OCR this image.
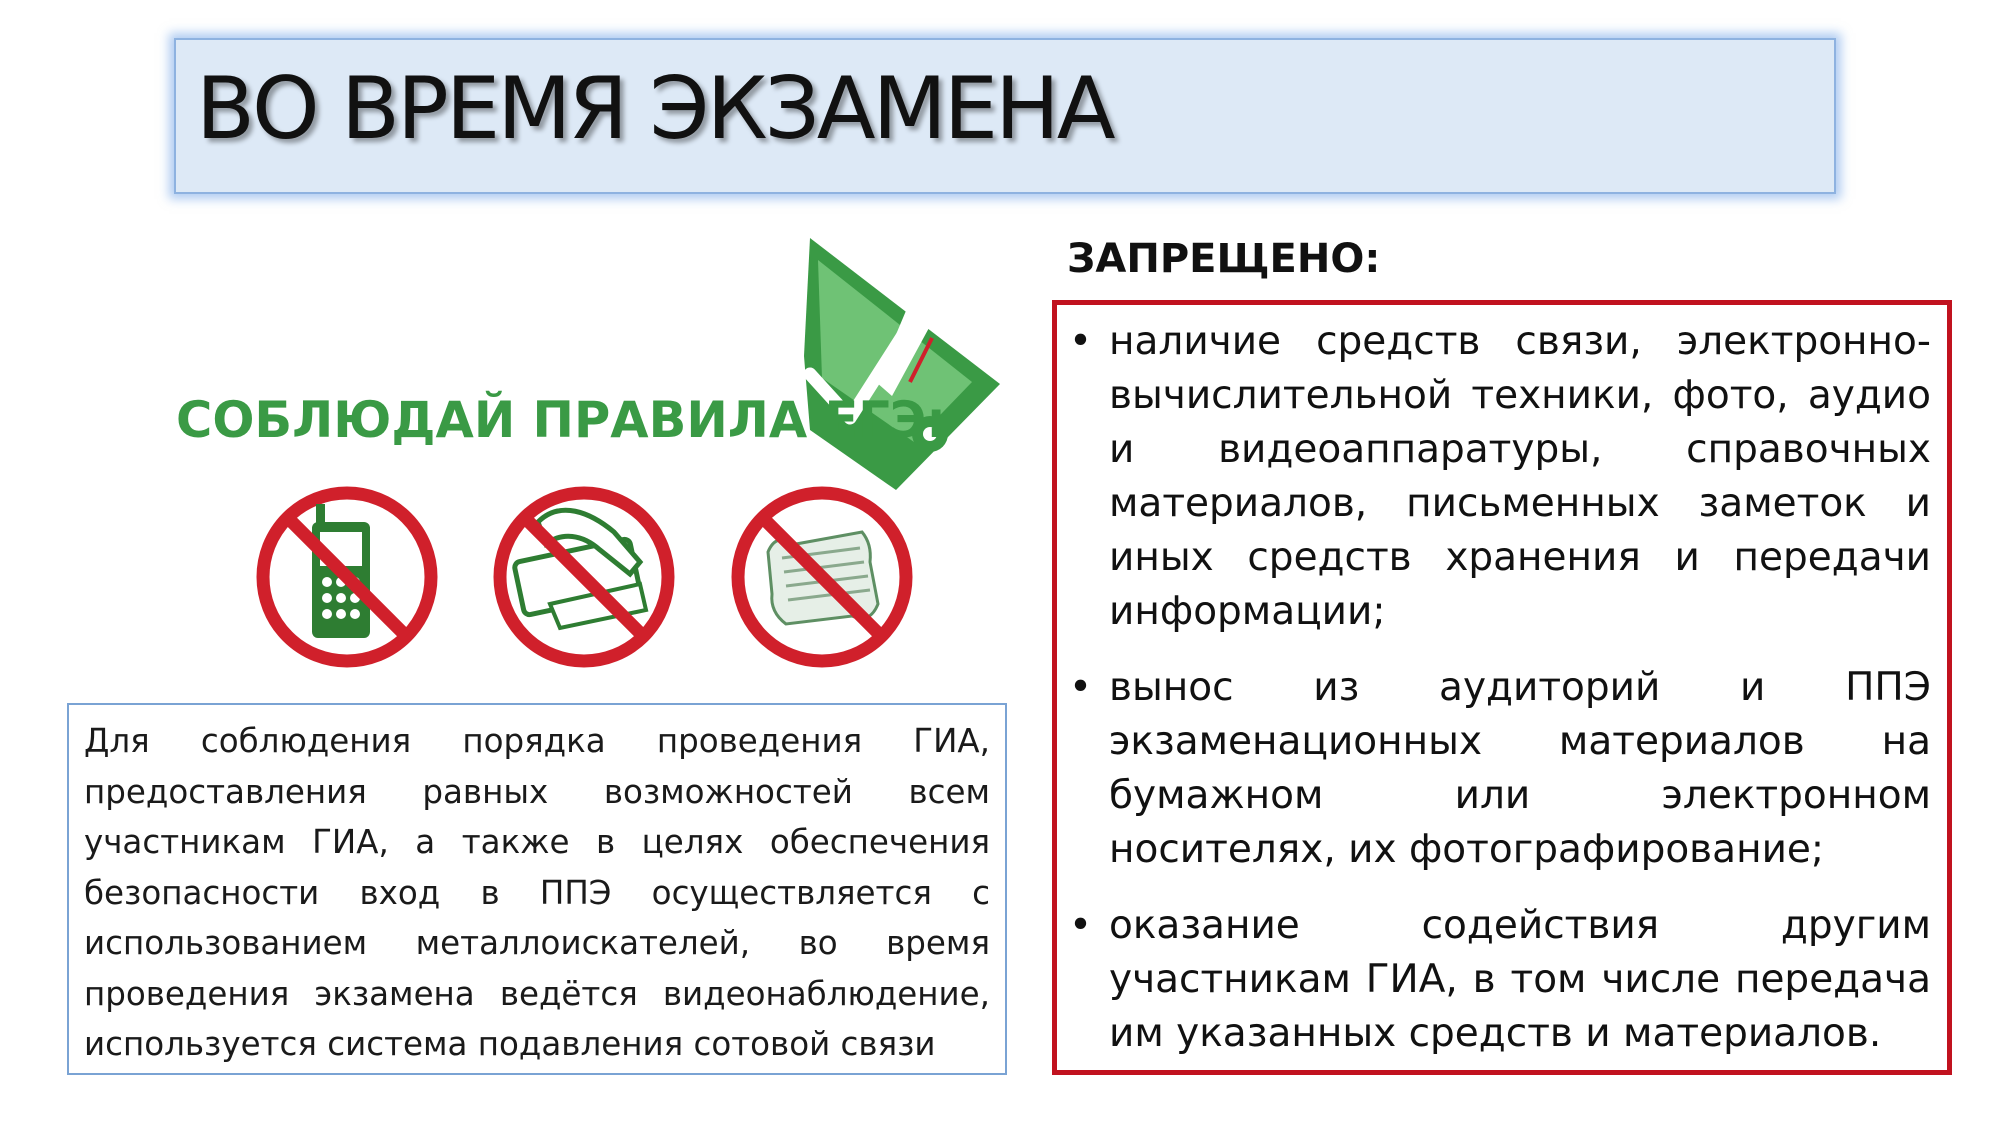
ВО ВРЕМЯ ЭКЗАМЕНА
СОБЛЮДАЙ ПРАВИЛА ЕГЭ:

Для соблюдения порядка проведения ГИА, предоставления равных возможностей всем участникам ГИА, а также в целях обеспечения безопасности вход в ППЭ осуществляется с использованием металлоискателей, во время проведения экзамена ведётся видеонаблюдение, используется система подавления сотовой связи

ЗАПРЕЩЕНО:
• наличие средств связи, электронно-вычислительной техники, фото, аудио и видеоаппаратуры, справочных материалов, письменных заметок и иных средств хранения и передачи информации;
• вынос из аудиторий и ППЭ экзаменационных материалов на бумажном или электронном носителях, их фотографирование;
• оказание содействия другим участникам ГИА, в том числе передача им указанных средств и материалов.
